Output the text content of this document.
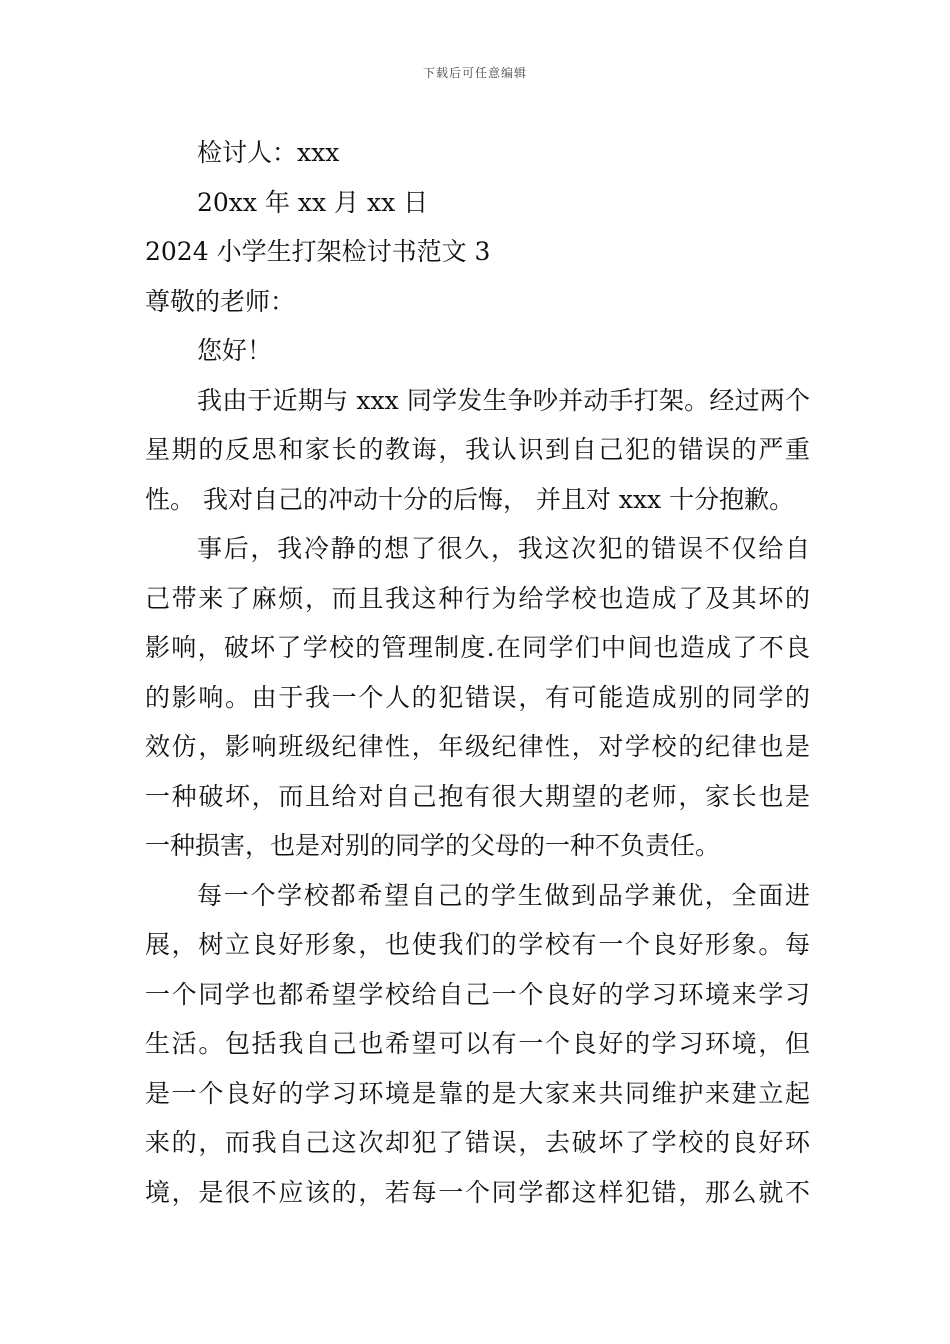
下载后可任意编辑
检讨人：xxx
20xx 年 xx 月 xx 日
2024 小学生打架检讨书范文 3
尊敬的老师：
您好！
我由于近期与 xxx 同学发生争吵并动手打架。经过两个
星期的反思和家长的教诲，我认识到自己犯的错误的严重
性。 我对自己的冲动十分的后悔， 并且对 xxx 十分抱歉。
事后，我冷静的想了很久，我这次犯的错误不仅给自
己带来了麻烦，而且我这种行为给学校也造成了及其坏的
影响，破坏了学校的管理制度.在同学们中间也造成了不良
的影响。由于我一个人的犯错误，有可能造成别的同学的
效仿，影响班级纪律性，年级纪律性，对学校的纪律也是
一种破坏，而且给对自己抱有很大期望的老师，家长也是
一种损害，也是对别的同学的父母的一种不负责任。
每一个学校都希望自己的学生做到品学兼优，全面进
展，树立良好形象，也使我们的学校有一个良好形象。每
一个同学也都希望学校给自己一个良好的学习环境来学习
生活。包括我自己也希望可以有一个良好的学习环境，但
是一个良好的学习环境是靠的是大家来共同维护来建立起
来的，而我自己这次却犯了错误，去破坏了学校的良好环
境，是很不应该的，若每一个同学都这样犯错，那么就不
